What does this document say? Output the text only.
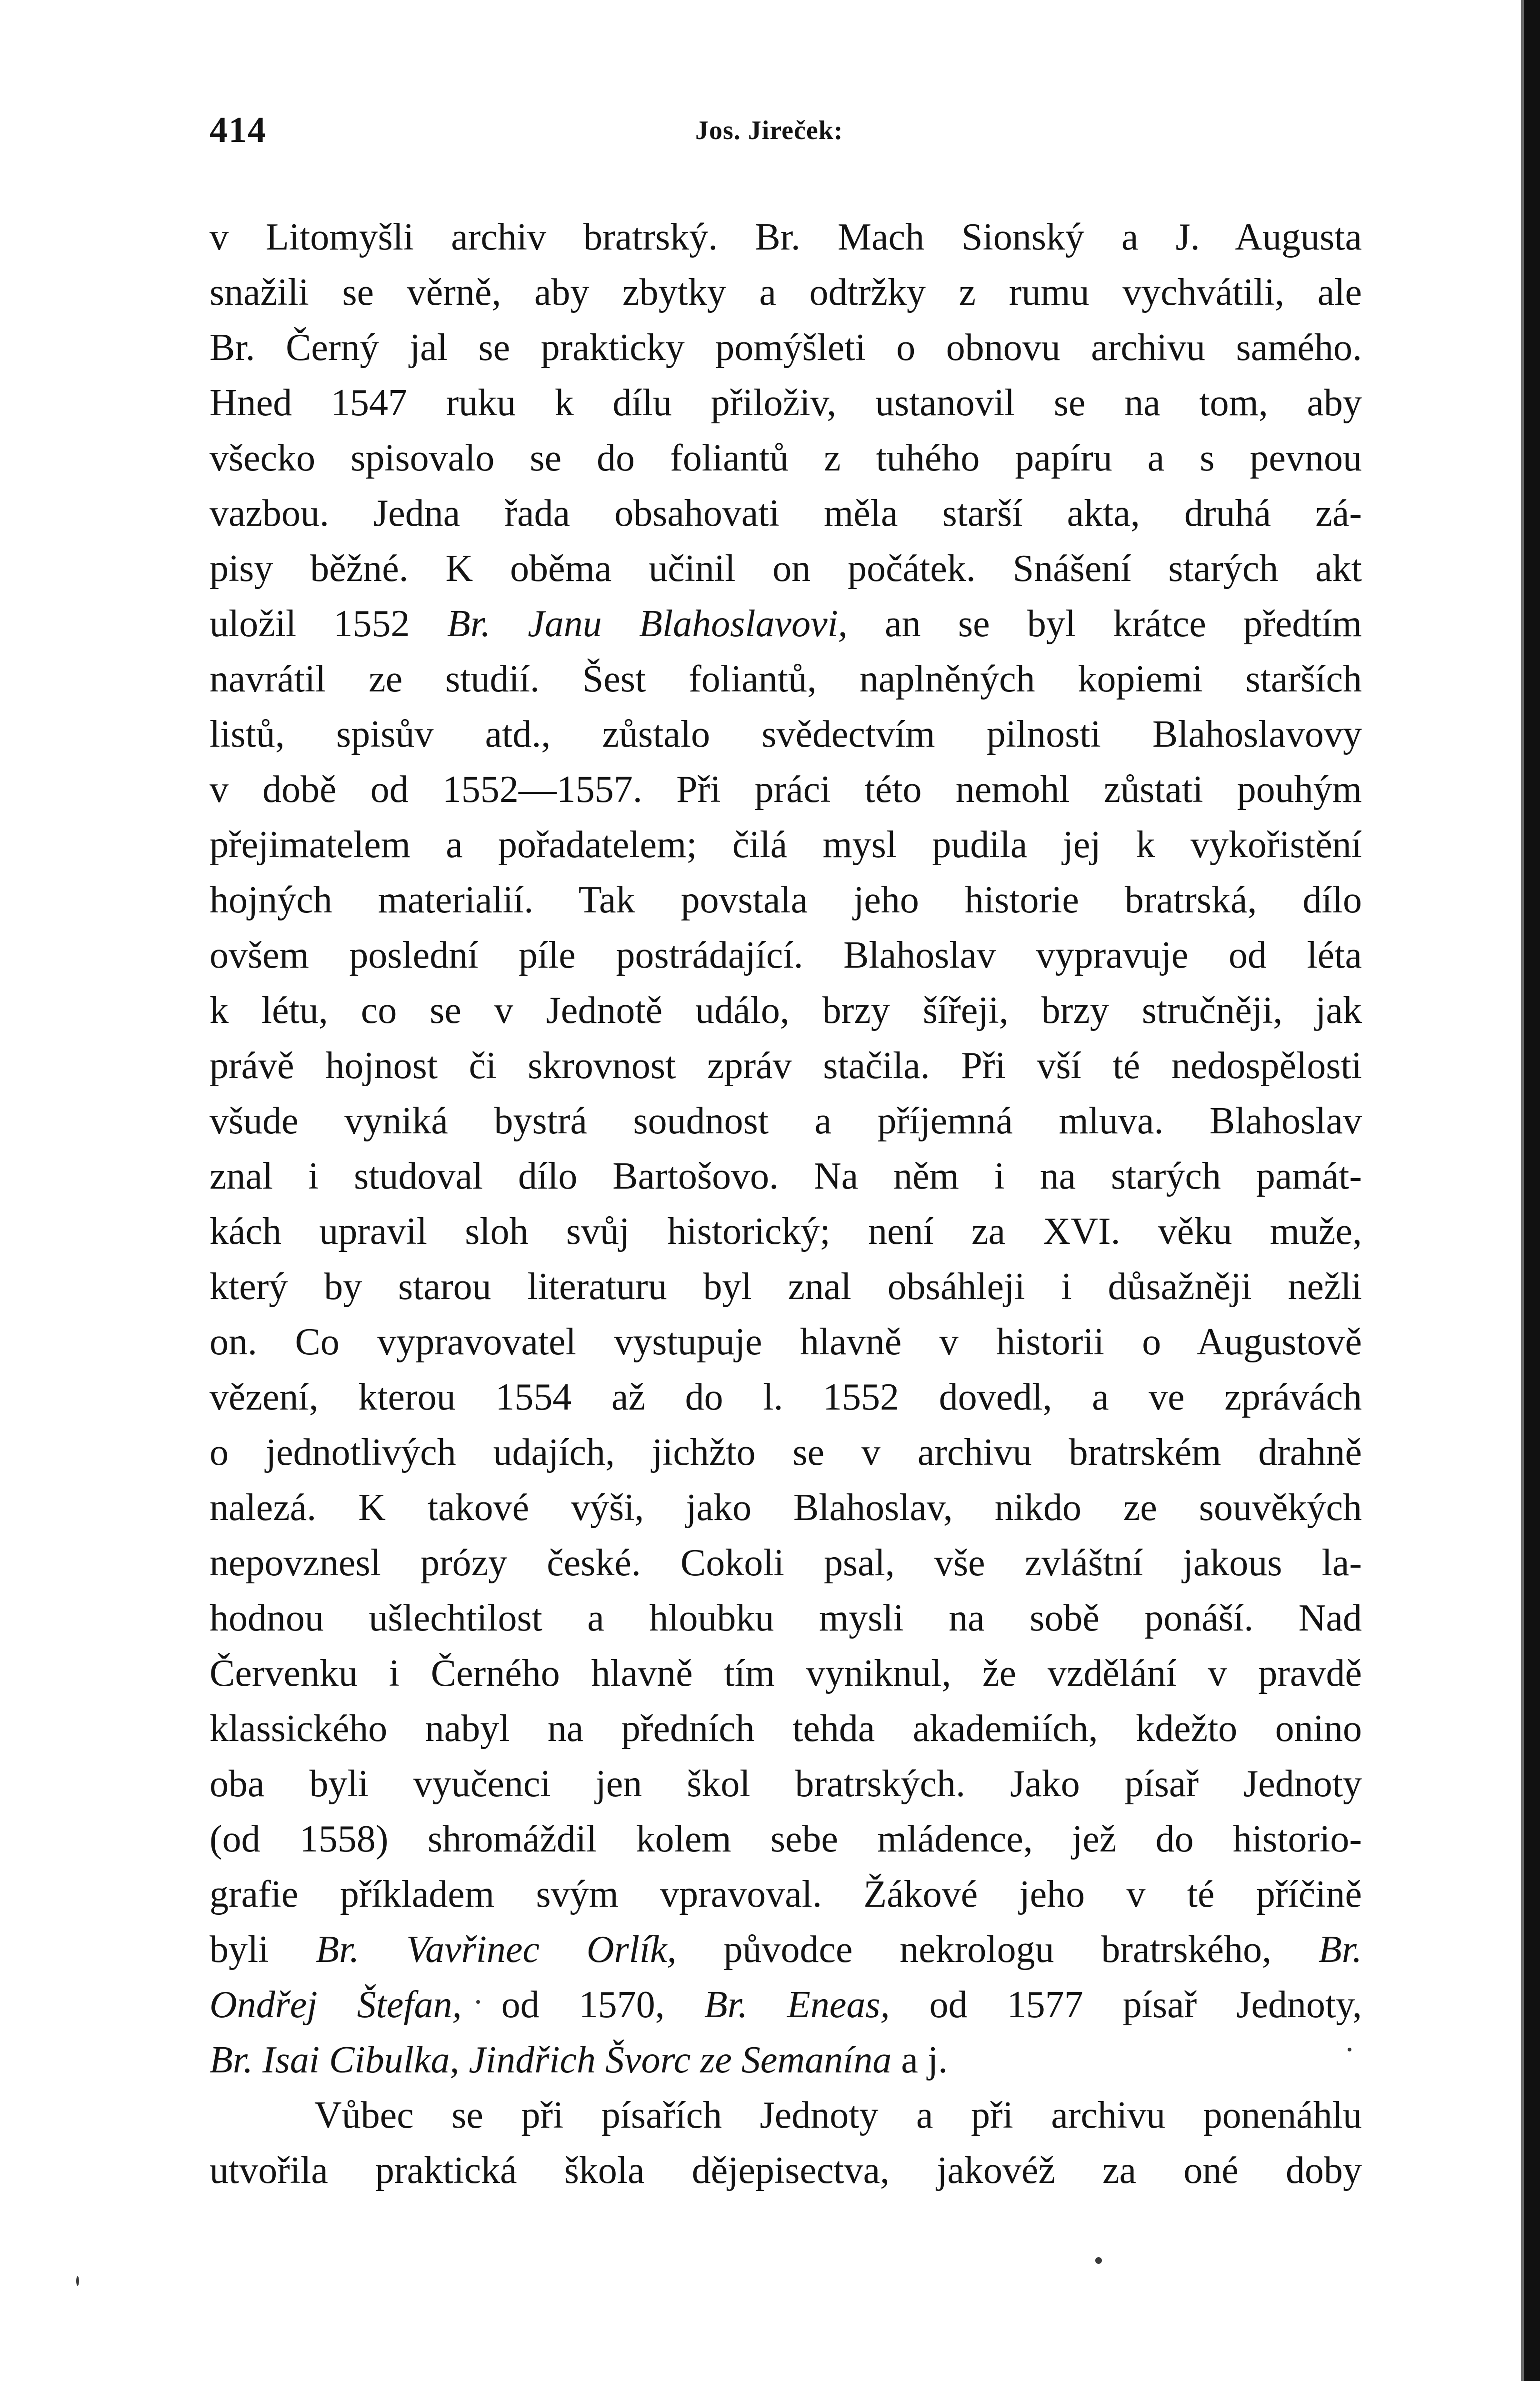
414	Jos. Jireček:
v Litomyšli archiv bratrský. Br. Mach Sionský a J. Augusta
snažili se věrně, aby zbytky a odtržky z rumu vychvátili, ale
Br. Černý jal se prakticky pomýšleti o obnovu archivu samého.
Hned 1547 ruku k dílu přiloživ, ustanovil se na tom, aby
všecko spisovalo se do foliantů z tuhého papíru a s pevnou
vazbou. Jedna řada obsahovati měla starší akta, druhá zá-
pisy běžné. K oběma učinil on počátek. Snášení starých akt
uložil 1552 Br. Janu Blahoslavovi, an se byl krátce předtím
navrátil ze studií. Šest foliantů, naplněných kopiemi starších
listů, spisův atd., zůstalo svědectvím pilnosti Blahoslavovy
v době od 1552—1557. Při práci této nemohl zůstati pouhým
přejimatelem a pořadatelem; čilá mysl pudila jej k vykořistění
hojných materialií. Tak povstala jeho historie bratrská, dílo
ovšem poslední píle postrádající. Blahoslav vypravuje od léta
k létu, co se v Jednotě událo, brzy šířeji, brzy stručněji, jak
právě hojnost či skrovnost zpráv stačila. Při vší té nedospělosti
všude vyniká bystrá soudnost a příjemná mluva. Blahoslav
znal i studoval dílo Bartošovo. Na něm i na starých památ-
kách upravil sloh svůj historický; není za XVI. věku muže,
který by starou literaturu byl znal obsáhleji i důsažněji nežli
on. Co vypravovatel vystupuje hlavně v historii o Augustově
vězení, kterou 1554 až do l. 1552 dovedl, a ve zprávách
o jednotlivých udajích, jichžto se v archivu bratrském drahně
nalezá. K takové výši, jako Blahoslav, nikdo ze souvěkých
nepovznesl prózy české. Cokoli psal, vše zvláštní jakous la-
hodnou ušlechtilost a hloubku mysli na sobě ponáší. Nad
Červenku i Černého hlavně tím vyniknul, že vzdělání v pravdě
klassického nabyl na předních tehda akademiích, kdežto onino
oba byli vyučenci jen škol bratrských. Jako písař Jednoty
(od 1558) shromáždil kolem sebe mládence, jež do historio-
grafie příkladem svým vpravoval. Žákové jeho v té příčině
byli Br. Vavřinec Orlík, původce nekrologu bratrského, Br.
Ondřej Štefan, od 1570, Br. Eneas, od 1577 písař Jednoty,
Br. Isai Cibulka, Jindřich Švorc ze Semanína a j.
Vůbec se při písařích Jednoty a při archivu ponenáhlu
utvořila praktická škola dějepisectva, jakovéž za oné doby
